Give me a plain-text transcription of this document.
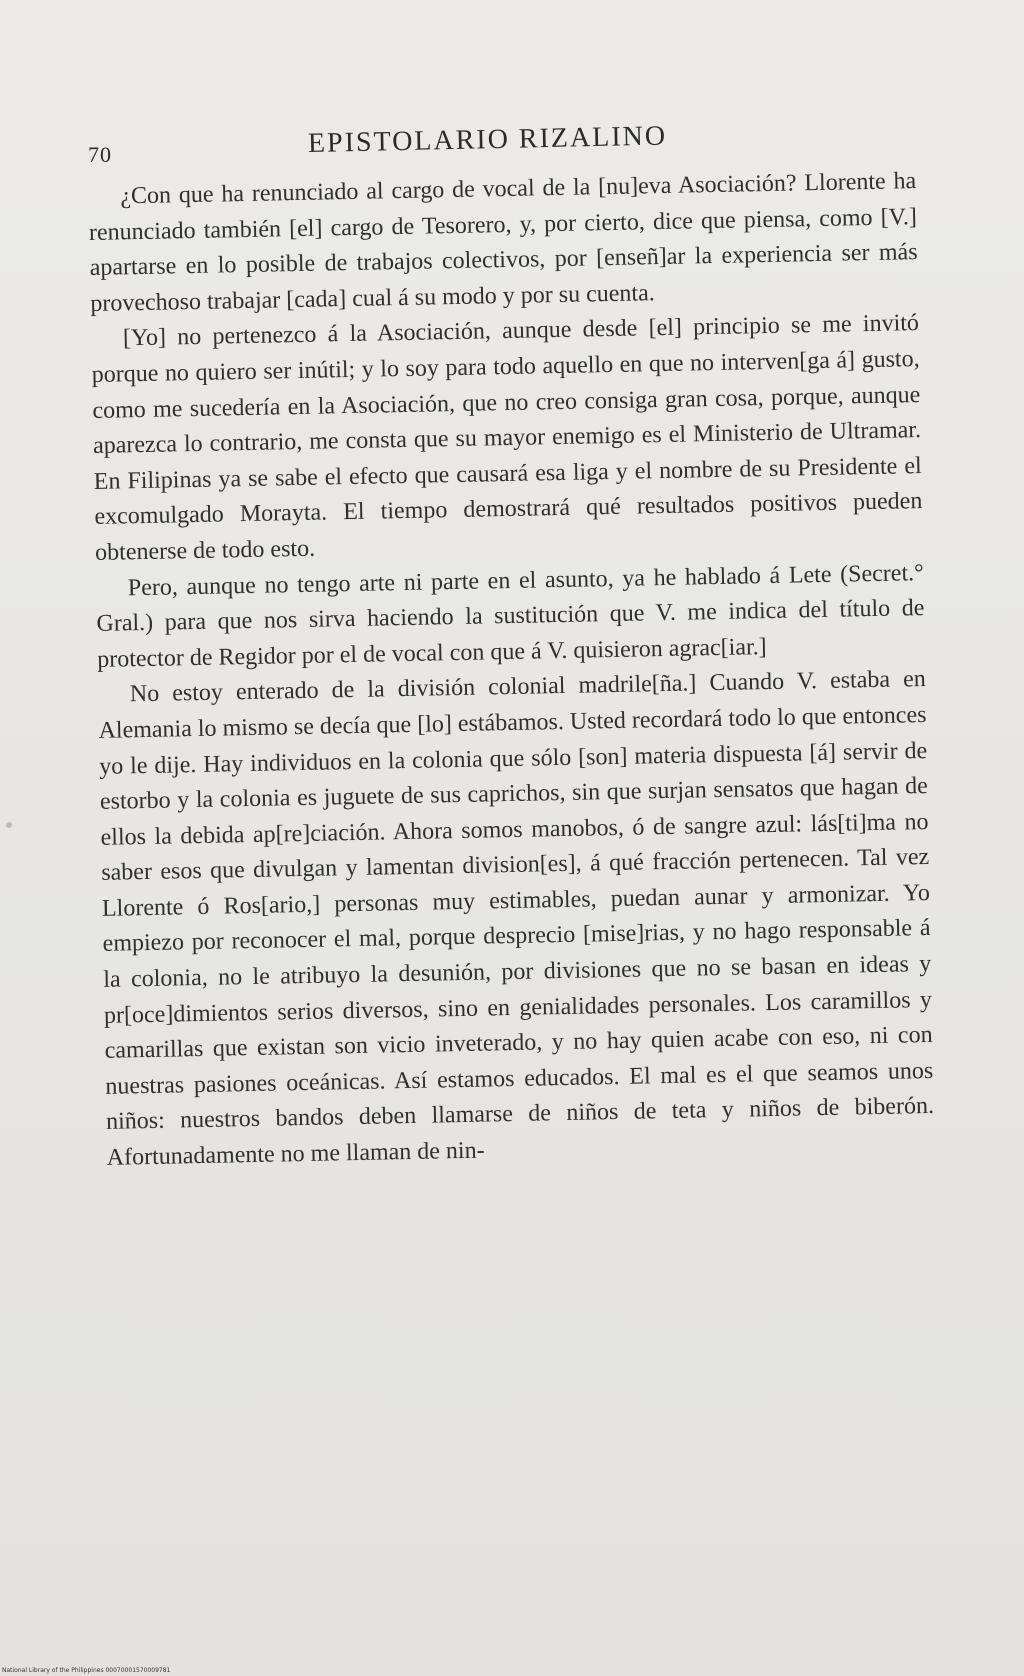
70	EPISTOLARIO RIZALINO

¿Con que ha renunciado al cargo de vocal de la [nu]eva Asociación? Llorente ha renunciado también [el] cargo de Tesorero, y, por cierto, dice que piensa, como [V.] apartarse en lo posible de trabajos colectivos, por [enseñ]ar la experiencia ser más provechoso trabajar [cada] cual á su modo y por su cuenta.

[Yo] no pertenezco á la Asociación, aunque desde [el] principio se me invitó porque no quiero ser inútil; y lo soy para todo aquello en que no interven[ga á] gusto, como me sucedería en la Asociación, que no creo consiga gran cosa, porque, aunque aparezca lo contrario, me consta que su mayor enemigo es el Ministerio de Ultramar. En Filipinas ya se sabe el efecto que causará esa liga y el nombre de su Presidente el excomulgado Morayta. El tiempo demostrará qué resultados positivos pueden obtenerse de todo esto.

Pero, aunque no tengo arte ni parte en el asunto, ya he hablado á Lete (Secret.° Gral.) para que nos sirva haciendo la sustitución que V. me indica del título de protector de Regidor por el de vocal con que á V. quisieron agrac[iar.]

No estoy enterado de la división colonial madrile[ña.] Cuando V. estaba en Alemania lo mismo se decía que [lo] estábamos. Usted recordará todo lo que entonces yo le dije. Hay individuos en la colonia que sólo [son] materia dispuesta [á] servir de estorbo y la colonia es juguete de sus caprichos, sin que surjan sensatos que hagan de ellos la debida ap[re]ciación. Ahora somos manobos, ó de sangre azul: lás[ti]ma no saber esos que divulgan y lamentan division[es], á qué fracción pertenecen. Tal vez Llorente ó Ros[ario,] personas muy estimables, puedan aunar y armonizar. Yo empiezo por reconocer el mal, porque desprecio [mise]rias, y no hago responsable á la colonia, no le atribuyo la desunión, por divisiones que no se basan en ideas y pr[oce]dimientos serios diversos, sino en genialidades personales. Los caramillos y camarillas que existan son vicio inveterado, y no hay quien acabe con eso, ni con nuestras pasiones oceánicas. Así estamos educados. El mal es el que seamos unos niños: nuestros bandos deben llamarse de niños de teta y niños de biberón. Afortunadamente no me llaman de nin-

National Library of the Philippines 00070001570009781
